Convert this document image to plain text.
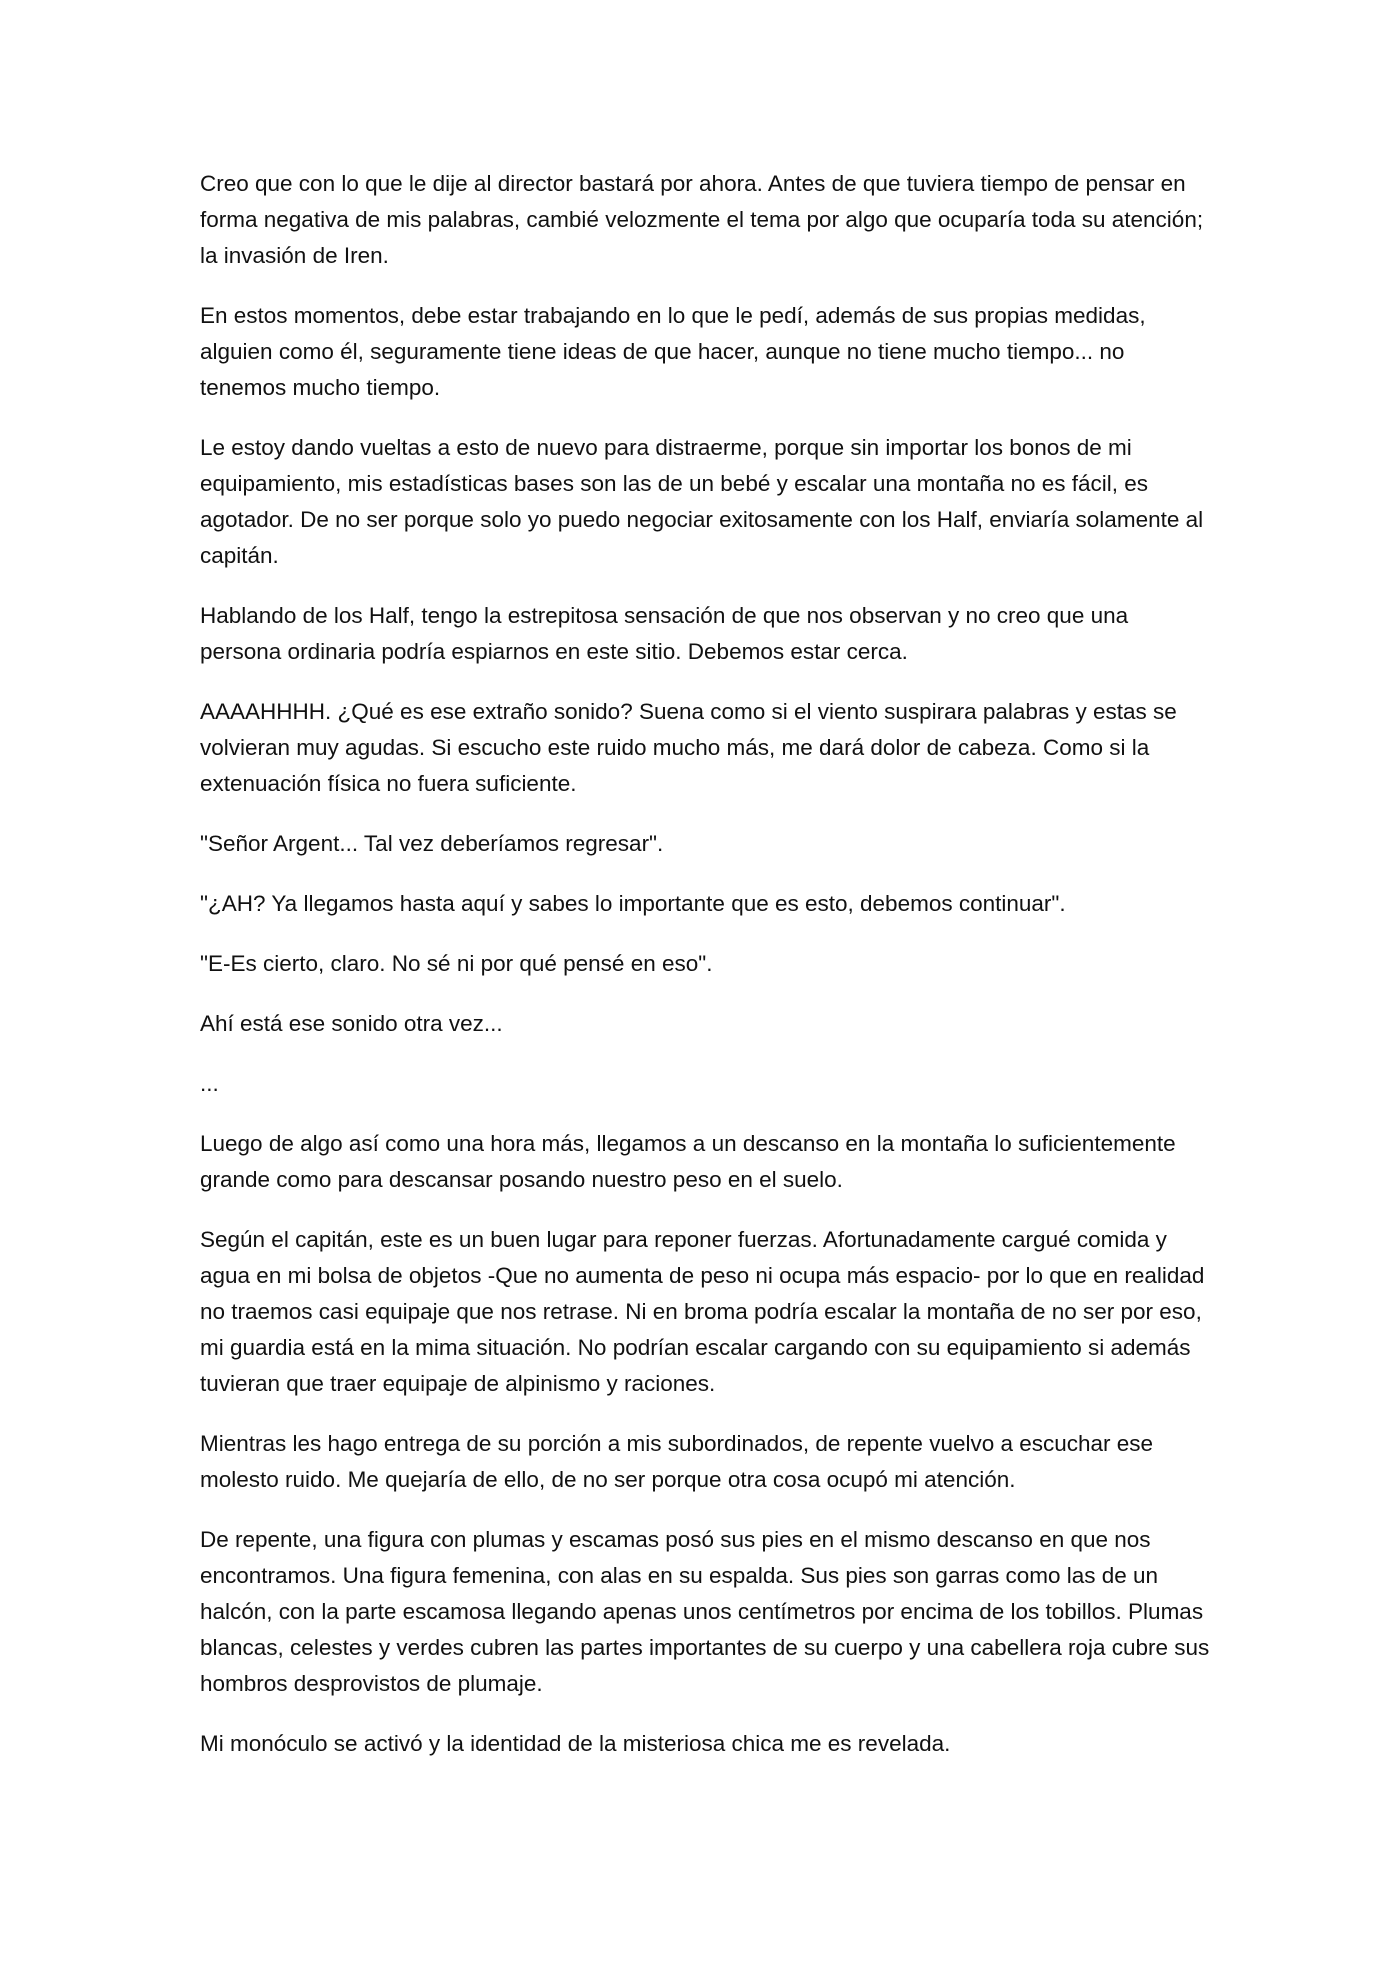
Creo que con lo que le dije al director bastará por ahora. Antes de que tuviera tiempo de pensar en forma negativa de mis palabras, cambié velozmente el tema por algo que ocuparía toda su atención; la invasión de Iren.

En estos momentos, debe estar trabajando en lo que le pedí, además de sus propias medidas, alguien como él, seguramente tiene ideas de que hacer, aunque no tiene mucho tiempo... no tenemos mucho tiempo.

Le estoy dando vueltas a esto de nuevo para distraerme, porque sin importar los bonos de mi equipamiento, mis estadísticas bases son las de un bebé y escalar una montaña no es fácil, es agotador. De no ser porque solo yo puedo negociar exitosamente con los Half, enviaría solamente al capitán.

Hablando de los Half, tengo la estrepitosa sensación de que nos observan y no creo que una persona ordinaria podría espiarnos en este sitio. Debemos estar cerca.

AAAAHHHH. ¿Qué es ese extraño sonido? Suena como si el viento suspirara palabras y estas se volvieran muy agudas. Si escucho este ruido mucho más, me dará dolor de cabeza. Como si la extenuación física no fuera suficiente.

"Señor Argent... Tal vez deberíamos regresar".

"¿AH? Ya llegamos hasta aquí y sabes lo importante que es esto, debemos continuar".

"E-Es cierto, claro. No sé ni por qué pensé en eso".

Ahí está ese sonido otra vez...

...

Luego de algo así como una hora más, llegamos a un descanso en la montaña lo suficientemente grande como para descansar posando nuestro peso en el suelo.

Según el capitán, este es un buen lugar para reponer fuerzas. Afortunadamente cargué comida y agua en mi bolsa de objetos -Que no aumenta de peso ni ocupa más espacio- por lo que en realidad no traemos casi equipaje que nos retrase. Ni en broma podría escalar la montaña de no ser por eso, mi guardia está en la mima situación. No podrían escalar cargando con su equipamiento si además tuvieran que traer equipaje de alpinismo y raciones.

Mientras les hago entrega de su porción a mis subordinados, de repente vuelvo a escuchar ese molesto ruido. Me quejaría de ello, de no ser porque otra cosa ocupó mi atención.

De repente, una figura con plumas y escamas posó sus pies en el mismo descanso en que nos encontramos. Una figura femenina, con alas en su espalda. Sus pies son garras como las de un halcón, con la parte escamosa llegando apenas unos centímetros por encima de los tobillos. Plumas blancas, celestes y verdes cubren las partes importantes de su cuerpo y una cabellera roja cubre sus hombros desprovistos de plumaje.

Mi monóculo se activó y la identidad de la misteriosa chica me es revelada.
